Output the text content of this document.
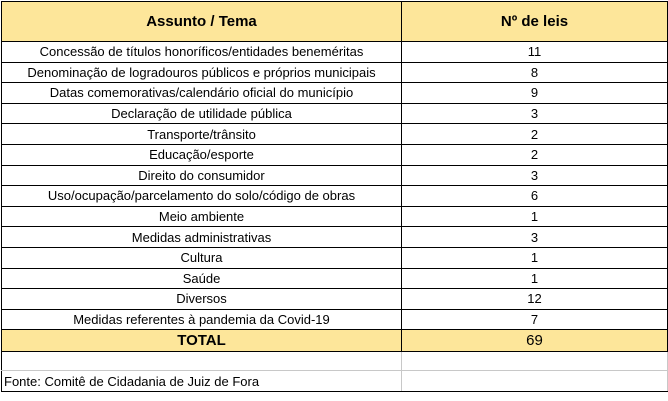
Assunto / Tema	Nº de leis
Concessão de títulos honoríficos/entidades beneméritas	11
Denominação de logradouros públicos e próprios municipais	8
Datas comemorativas/calendário oficial do município	9
Declaração de utilidade pública	3
Transporte/trânsito	2
Educação/esporte	2
Direito do consumidor	3
Uso/ocupação/parcelamento do solo/código de obras	6
Meio ambiente	1
Medidas administrativas	3
Cultura	1
Saúde	1
Diversos	12
Medidas referentes à pandemia da Covid-19	7
TOTAL	69

Fonte: Comitê de Cidadania de Juiz de Fora	
